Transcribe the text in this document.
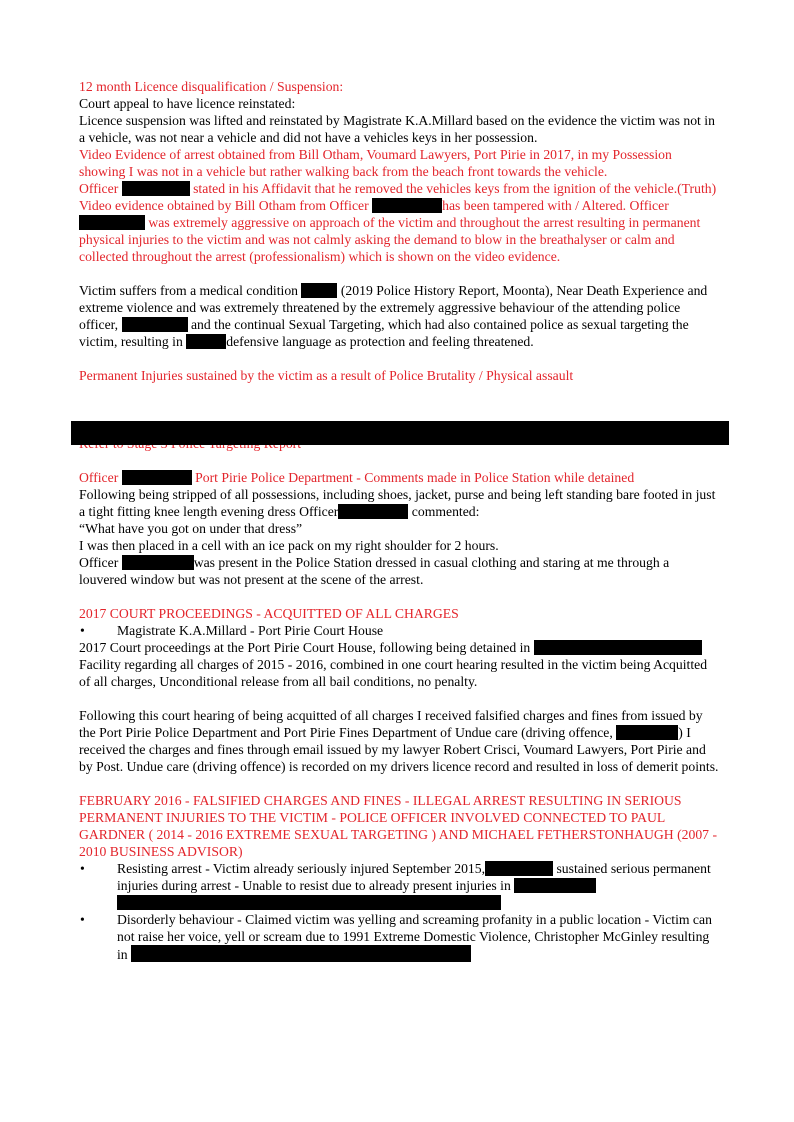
12 month Licence disqualification / Suspension:

Court appeal to have licence reinstated:

Licence suspension was lifted and reinstated by Magistrate K.A.Millard based on the evidence the victim was not in a vehicle, was not near a vehicle and did not have a vehicles keys in her possession.

Video Evidence of arrest obtained from Bill Otham, Voumard Lawyers, Port Pirie in 2017, in my Possession showing I was not in a vehicle but rather walking back from the beach front towards the vehicle.

Officer	stated in his Affidavit that he removed the vehicles keys from the ignition of the vehicle.(Truth)

Video evidence obtained by Bill Otham from Officer	has been tampered with / Altered. Officer
was extremely aggressive on approach of the victim and throughout the arrest resulting in permanent physical injuries to the victim and was not calmly asking the demand to blow in the breathalyser or calm and collected throughout the arrest (professionalism) which is shown on the video evidence.

Victim suffers from a medical condition	(2019 Police History Report, Moonta), Near Death Experience and extreme violence and was extremely threatened by the extremely aggressive behaviour of the attending police officer,	and the continual Sexual Targeting, which had also contained police as sexual targeting the victim, resulting in	defensive language as protection and feeling threatened.

Permanent Injuries sustained by the victim as a result of Police Brutality / Physical assault

Officer	Port Pirie Police Department - Comments made in Police Station while detained

Following being stripped of all possessions, including shoes, jacket, purse and being left standing bare footed in just a tight fitting knee length evening dress Officer	commented:

“What have you got on under that dress”

I was then placed in a cell with an ice pack on my right shoulder for 2 hours.

Officer	was present in the Police Station dressed in casual clothing and staring at me through a louvered window but was not present at the scene of the arrest.

2017 COURT PROCEEDINGS - ACQUITTED OF ALL CHARGES

• Magistrate K.A.Millard - Port Pirie Court House

2017 Court proceedings at the Port Pirie Court House, following being detained in  Facility regarding all charges of 2015 - 2016, combined in one court hearing resulted in the victim being Acquitted of all charges, Unconditional release from all bail conditions, no penalty.

Following this court hearing of being acquitted of all charges I received falsified charges and fines from issued by the Port Pirie Police Department and Port Pirie Fines Department of Undue care (driving offence,	) I received the charges and fines through email issued by my lawyer Robert Crisci, Voumard Lawyers, Port Pirie and by Post. Undue care (driving offence) is recorded on my drivers licence record and resulted in loss of demerit points.

FEBRUARY 2016 - FALSIFIED CHARGES AND FINES - ILLEGAL ARREST RESULTING IN SERIOUS PERMANENT INJURIES TO THE VICTIM - POLICE OFFICER INVOLVED CONNECTED TO PAUL GARDNER ( 2014 - 2016 EXTREME SEXUAL TARGETING ) AND MICHAEL FETHERSTONHAUGH (2007 - 2010 BUSINESS ADVISOR)

• Resisting arrest - Victim already seriously injured September 2015,	sustained serious permanent injuries during arrest - Unable to resist due to already present injuries in

• Disorderly behaviour - Claimed victim was yelling and screaming profanity in a public location - Victim can not raise her voice, yell or scream due to 1991 Extreme Domestic Violence, Christopher McGinley resulting in
